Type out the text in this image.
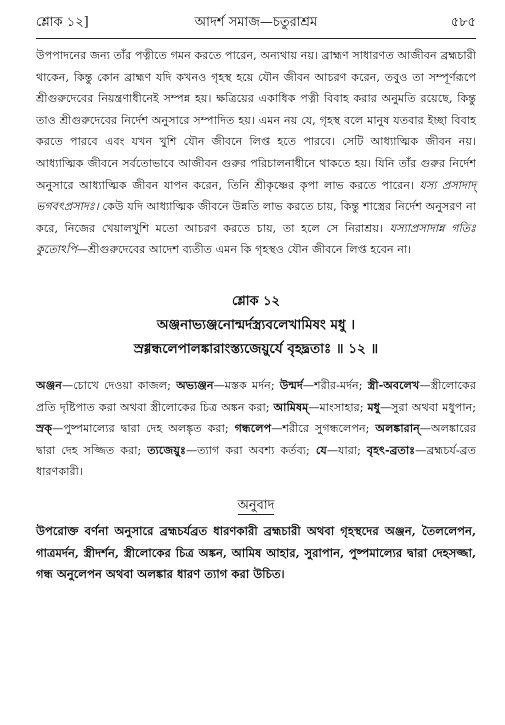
শ্লোক ১২]	আদর্শ সমাজ—চতুরাশ্রম	৫৮৫

উপপাদনের জন্য তাঁর পত্নীতে গমন করতে পারেন, অন্যথায় নয়। ব্রাহ্মণ সাধারণত আজীবন ব্রহ্মচারী থাকেন, কিন্তু কোন ব্রাহ্মণ যদি কখনও গৃহস্থ হয়ে যৌন জীবন আচরণ করেন, তবুও তা সম্পূর্ণরূপে শ্রীগুরুদেবের নিয়ন্ত্রণাধীনেই সম্পন্ন হয়। ক্ষত্রিয়ের একাধিক পত্নী বিবাহ করার অনুমতি রয়েছে, কিন্তু তাও শ্রীগুরুদেবের নির্দেশ অনুসারে সম্পাদিত হয়। এমন নয় যে, গৃহস্থ বলে মানুষ যতবার ইচ্ছা বিবাহ করতে পারবে এবং যখন খুশি যৌন জীবনে লিপ্ত হতে পারবে। সেটি আধ্যাত্মিক জীবন নয়। আধ্যাত্মিক জীবনে সর্বতোভাবে আজীবন গুরুর পরিচালনাধীনে থাকতে হয়। যিনি তাঁর গুরুর নির্দেশ অনুসারে আধ্যাত্মিক জীবন যাপন করেন, তিনি শ্রীকৃষ্ণের কৃপা লাভ করতে পারেন। যস্য প্রসাদাদ্ ভগবৎপ্রসাদঃ। কেউ যদি আধ্যাত্মিক জীবনে উন্নতি লাভ করতে চায়, কিন্তু শাস্ত্রের নির্দেশ অনুসরণ না করে, নিজের খেয়ালখুশি মতো আচরণ করতে চায়, তা হলে সে নিরাশ্রয়। যস্যাপ্রসাদান্ন গতিঃ কুতোঽপি—শ্রীগুরুদেবের আদেশ ব্যতীত এমন কি গৃহস্থও যৌন জীবনে লিপ্ত হবেন না।

শ্লোক ১২
অঞ্জনাভ্যঞ্জনোন্মর্দস্ত্র্যবলেখামিষং মধু ।
স্রগ্গন্ধলেপালঙ্কারাংস্ত্যজেয়ুর্যে বৃহদ্ব্রতাঃ ॥ ১২ ॥
অঞ্জন—চোখে দেওয়া কাজল; অভ্যঞ্জন—মস্তক মর্দন; উন্মর্দ—শরীর-মর্দন; স্ত্রী-অবলেখ—স্ত্রীলোকের প্রতি দৃষ্টিপাত করা অথবা স্ত্রীলোকের চিত্র অঙ্কন করা; আমিষম্—মাংসাহার; মধু—সুরা অথবা মধুপান; স্রক্—পুষ্পমাল্যের দ্বারা দেহ অলঙ্কৃত করা; গন্ধলেপ—শরীরে সুগন্ধলেপন; অলঙ্কারান্—অলঙ্কারের দ্বারা দেহ সজ্জিত করা; ত্যজেয়ুঃ—ত্যাগ করা অবশ্য কর্তব্য; যে—যারা; বৃহৎ-ব্রতাঃ—ব্রহ্মচর্য-ব্রত ধারণকারী।
অনুবাদ
উপরোক্ত বর্ণনা অনুসারে ব্রহ্মচর্যব্রত ধারণকারী ব্রহ্মচারী অথবা গৃহস্থদের অঞ্জন, তৈললেপন, গাত্রমর্দন, স্ত্রীদর্শন, স্ত্রীলোকের চিত্র অঙ্কন, আমিষ আহার, সুরাপান, পুষ্পমাল্যের দ্বারা দেহসজ্জা, গন্ধ অনুলেপন অথবা অলঙ্কার ধারণ ত্যাগ করা উচিত।
